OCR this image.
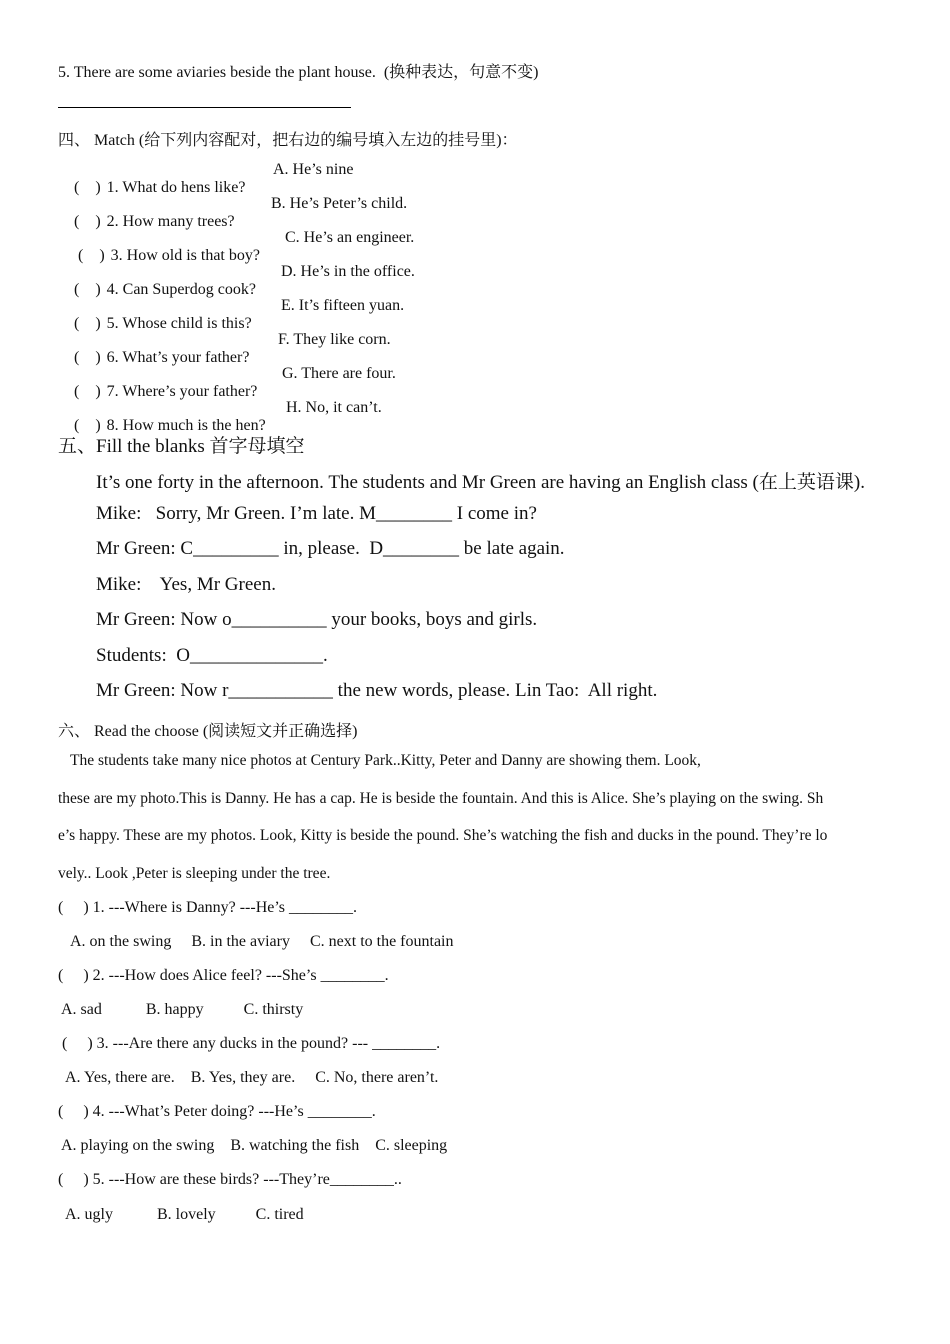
5. There are some aviaries beside the plant house.  (换种表达，句意不变)
四、 Match (给下列内容配对，把右边的编号填入左边的挂号里)：

(    ) 1. What do hens like?

A. He’s nine

(    ) 2. How many trees?

B. He’s Peter’s child.

(    ) 3. How old is that boy?

C. He’s an engineer.

(    ) 4. Can Superdog cook?

D. He’s in the office.

(    ) 5. Whose child is this?

E. It’s fifteen yuan.

(    ) 6. What’s your father?

F. They like corn.

(    ) 7. Where’s your father?

G. There are four.

(    ) 8. How much is the hen?

H. No, it can’t.
五、Fill the blanks 首字母填空
It’s one forty in the afternoon. The students and Mr Green are having an English class (在上英语课).
Mike:   Sorry, Mr Green. I’m late. M________ I come in?
Mr Green: C_________ in, please.  D________ be late again.
Mike:    Yes, Mr Green.
Mr Green: Now o__________ your books, boys and girls.
Students:  O______________.
Mr Green: Now r___________ the new words, please. Lin Tao:  All right.
六、 Read the choose (阅读短文并正确选择)
The students take many nice photos at Century Park..Kitty, Peter and Danny are showing them. Look,
these are my photo.This is Danny. He has a cap. He is beside the fountain. And this is Alice. She’s playing on the swing. Sh
e’s happy. These are my photos. Look, Kitty is beside the pound. She’s watching the fish and ducks in the pound. They’re lo
vely.. Look ,Peter is sleeping under the tree.
(     ) 1. ---Where is Danny? ---He’s ________.
A. on the swing     B. in the aviary     C. next to the fountain
(     ) 2. ---How does Alice feel? ---She’s ________.
A. sad           B. happy          C. thirsty
(     ) 3. ---Are there any ducks in the pound? --- ________.
A. Yes, there are.    B. Yes, they are.     C. No, there aren’t.
(     ) 4. ---What’s Peter doing? ---He’s ________.
A. playing on the swing    B. watching the fish    C. sleeping
(     ) 5. ---How are these birds? ---They’re________..
A. ugly           B. lovely          C. tired
